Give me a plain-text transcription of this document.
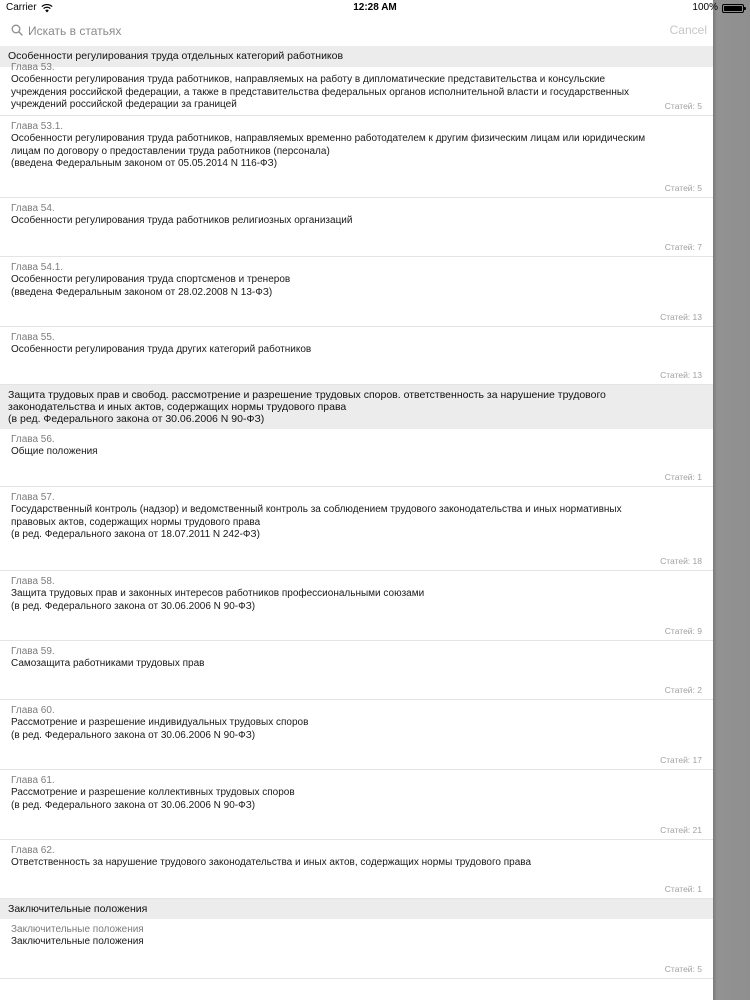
Искать в статьях
Cancel
Особенности регулирования труда отдельных категорий работников
Глава 53.
Особенности регулирования труда работников, направляемых на работу в дипломатические представительства и консульские
учреждения российской федерации, а также в представительства федеральных органов исполнительной власти и государственных
учреждений российской федерации за границей	Статей: 5
Глава 53.1.
Особенности регулирования труда работников, направляемых временно работодателем к другим физическим лицам или юридическим
лицам по договору о предоставлении труда работников (персонала)
(введена Федеральным законом от 05.05.2014 N 116-ФЗ)
Статей: 5
Глава 54.
Особенности регулирования труда работников религиозных организаций
Статей: 7
Глава 54.1.
Особенности регулирования труда спортсменов и тренеров
(введена Федеральным законом от 28.02.2008 N 13-ФЗ)
Статей: 13
Глава 55.
Особенности регулирования труда других категорий работников
Статей: 13
Защита трудовых прав и свобод. рассмотрение и разрешение трудовых споров. ответственность за нарушение трудового
законодательства и иных актов, содержащих нормы трудового права
(в ред. Федерального закона от 30.06.2006 N 90-ФЗ)
Глава 56.
Общие положения
Статей: 1
Глава 57.
Государственный контроль (надзор) и ведомственный контроль за соблюдением трудового законодательства и иных нормативных
правовых актов, содержащих нормы трудового права
(в ред. Федерального закона от 18.07.2011 N 242-ФЗ)
Статей: 18
Глава 58.
Защита трудовых прав и законных интересов работников профессиональными союзами
(в ред. Федерального закона от 30.06.2006 N 90-ФЗ)
Статей: 9
Глава 59.
Самозащита работниками трудовых прав
Статей: 2
Глава 60.
Рассмотрение и разрешение индивидуальных трудовых споров
(в ред. Федерального закона от 30.06.2006 N 90-ФЗ)
Статей: 17
Глава 61.
Рассмотрение и разрешение коллективных трудовых споров
(в ред. Федерального закона от 30.06.2006 N 90-ФЗ)
Статей: 21
Глава 62.
Ответственность за нарушение трудового законодательства и иных актов, содержащих нормы трудового права
Статей: 1
Заключительные положения
Заключительные положения
Заключительные положения
Статей: 5
Carrier	12:28 AM	100%
